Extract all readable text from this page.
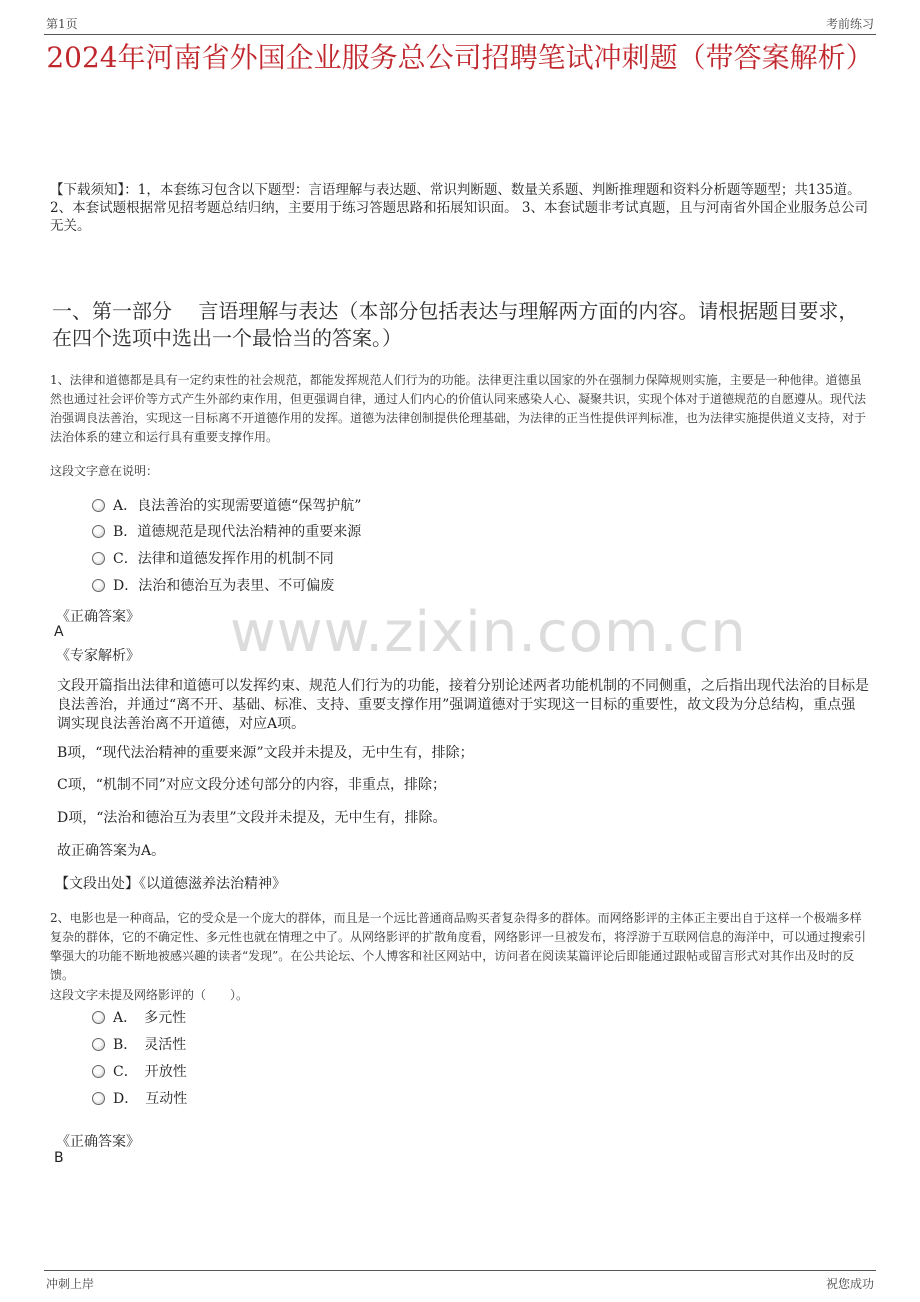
第1页	考前练习
2024年河南省外国企业服务总公司招聘笔试冲刺题（带答案解析）
【下载须知】：1，本套练习包含以下题型：言语理解与表达题、常识判断题、数量关系题、判断推理题和资料分析题等题型；共135道。 2、本套试题根据常见招考题总结归纳，主要用于练习答题思路和拓展知识面。 3、本套试题非考试真题，且与河南省外国企业服务总公司无关。
一、第一部分　 言语理解与表达（本部分包括表达与理解两方面的内容。请根据题目要求，在四个选项中选出一个最恰当的答案。）
1、法律和道德都是具有一定约束性的社会规范，都能发挥规范人们行为的功能。法律更注重以国家的外在强制力保障规则实施，主要是一种他律。道德虽然也通过社会评价等方式产生外部约束作用，但更强调自律，通过人们内心的价值认同来感染人心、凝聚共识，实现个体对于道德规范的自愿遵从。现代法治强调良法善治，实现这一目标离不开道德作用的发挥。道德为法律创制提供伦理基础，为法律的正当性提供评判标准，也为法律实施提供道义支持，对于法治体系的建立和运行具有重要支撑作用。
这段文字意在说明：
A．良法善治的实现需要道德“保驾护航”
B．道德规范是现代法治精神的重要来源
C．法律和道德发挥作用的机制不同
D．法治和德治互为表里、不可偏废
《正确答案》
A
《专家解析》
文段开篇指出法律和道德可以发挥约束、规范人们行为的功能，接着分别论述两者功能机制的不同侧重，之后指出现代法治的目标是良法善治，并通过“离不开、基础、标准、支持、重要支撑作用”强调道德对于实现这一目标的重要性，故文段为分总结构，重点强调实现良法善治离不开道德，对应A项。
B项，“现代法治精神的重要来源”文段并未提及，无中生有，排除；
C项，“机制不同”对应文段分述句部分的内容，非重点，排除；
D项，“法治和德治互为表里”文段并未提及，无中生有，排除。
故正确答案为A。
【文段出处】《以道德滋养法治精神》
www.zixin.com.cn
2、电影也是一种商品，它的受众是一个庞大的群体，而且是一个远比普通商品购买者复杂得多的群体。而网络影评的主体正主要出自于这样一个极端多样复杂的群体，它的不确定性、多元性也就在情理之中了。从网络影评的扩散角度看，网络影评一旦被发布，将浮游于互联网信息的海洋中，可以通过搜索引擎强大的功能不断地被感兴趣的读者“发现”。在公共论坛、个人博客和社区网站中，访问者在阅读某篇评论后即能通过跟帖或留言形式对其作出及时的反馈。
这段文字未提及网络影评的（　　）。
A．　多元性
B．　灵活性
C．　开放性
D．　互动性
《正确答案》
B
冲刺上岸	祝您成功
